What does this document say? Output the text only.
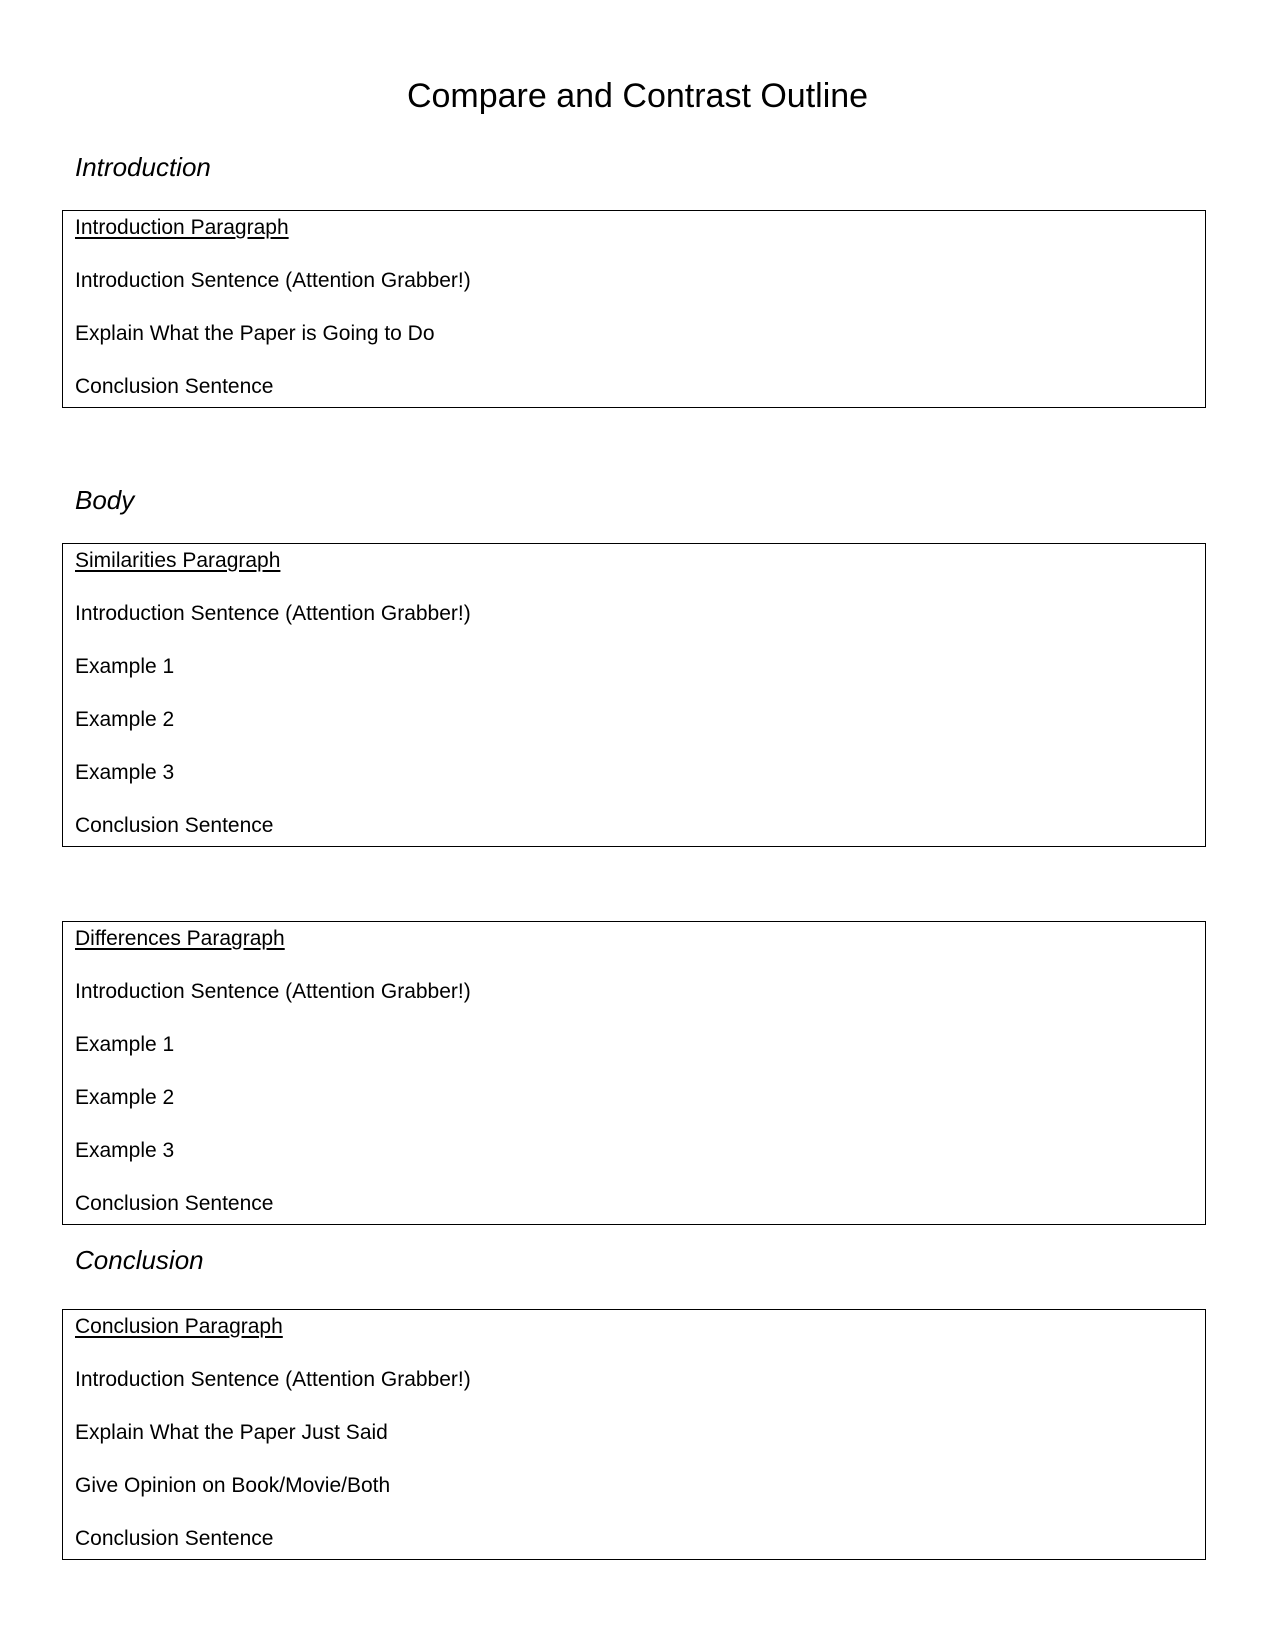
Compare and Contrast Outline
Introduction
Introduction Paragraph
Introduction Sentence (Attention Grabber!)
Explain What the Paper is Going to Do
Conclusion Sentence
Body
Similarities Paragraph
Introduction Sentence (Attention Grabber!)
Example 1
Example 2
Example 3
Conclusion Sentence
Differences Paragraph
Introduction Sentence (Attention Grabber!)
Example 1
Example 2
Example 3
Conclusion Sentence
Conclusion
Conclusion Paragraph
Introduction Sentence (Attention Grabber!)
Explain What the Paper Just Said
Give Opinion on Book/Movie/Both
Conclusion Sentence
